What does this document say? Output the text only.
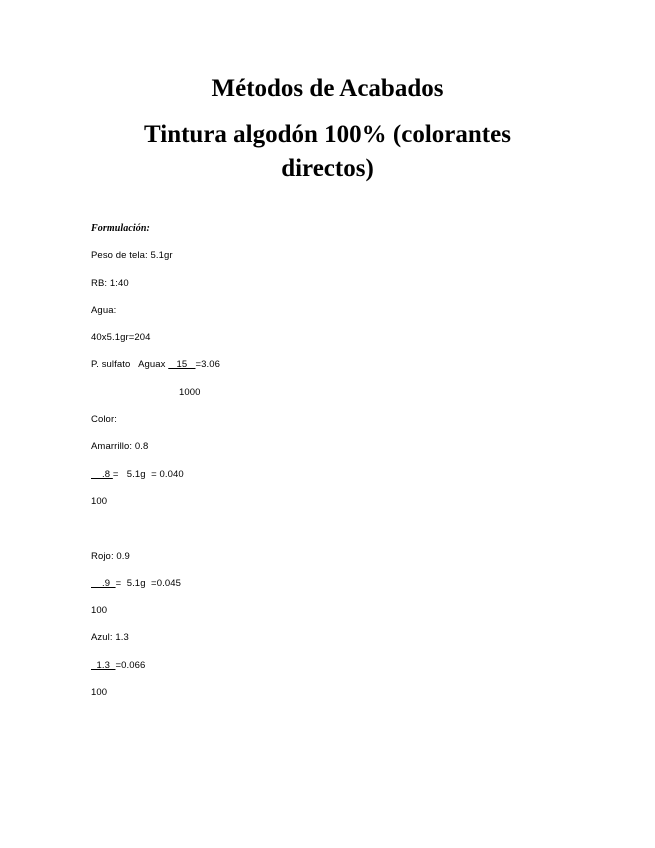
Métodos de Acabados
Tintura algodón 100% (colorantes directos)
Formulación:
Peso de tela: 5.1gr
RB: 1:40
Agua:
40x5.1gr=204
P. sulfato   Aguax    15   =3.06
1000
Color:
Amarrillo: 0.8
.8 =   5.1g  = 0.040
100
Rojo: 0.9
.9  =  5.1g  =0.045
100
Azul: 1.3
1.3  =0.066
100
